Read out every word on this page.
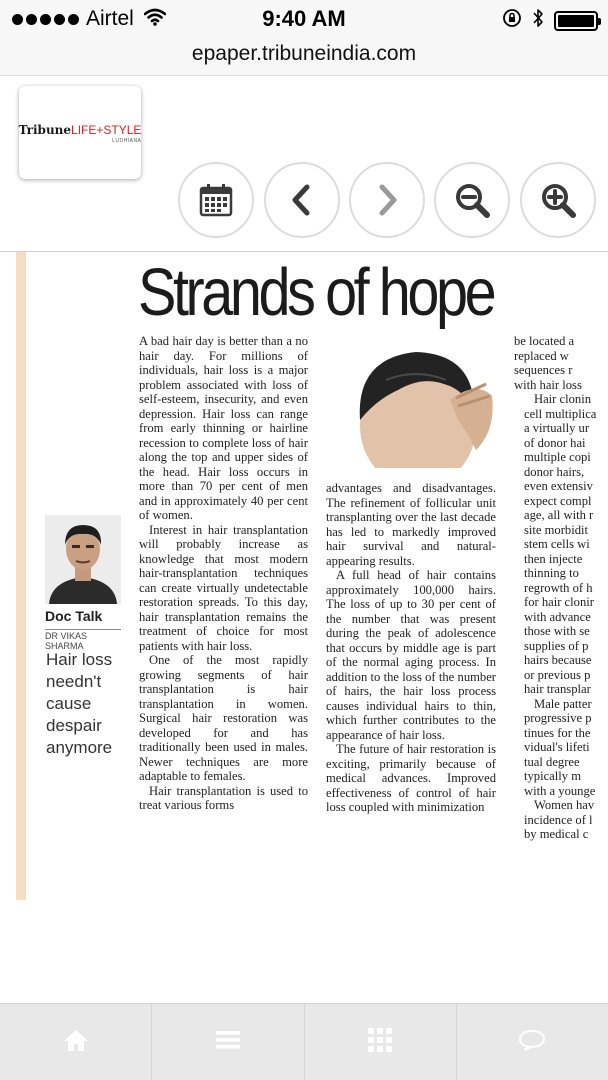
Airtel	9:40 AM
epaper.tribuneindia.com
TribuneLIFE+STYLE
LUDHIANA
Strands of hope
Doc Talk
DR VIKAS SHARMA
Hair loss
needn't
cause
despair
anymore

A bad hair day is better than a no hair day. For millions of individuals, hair loss is a major problem associated with loss of self-esteem, insecurity, and even depression. Hair loss can range from early thinning or hairline recession to complete loss of hair along the top and upper sides of the head. Hair loss occurs in more than 70 per cent of men and in approximately 40 per cent of women.

Interest in hair transplantation will probably increase as knowledge that most modern hair-transplantation techniques can create virtually undetectable restoration spreads. To this day, hair transplantation remains the treatment of choice for most patients with hair loss.

One of the most rapidly growing segments of hair transplantation is hair transplantation in women. Surgical hair restoration was developed for and has traditionally been used in males. Newer techniques are more adaptable to females.

Hair transplantation is used to treat various forms

advantages and disadvantages. The refinement of follicular unit transplanting over the last decade has led to markedly improved hair survival and natural-appearing results.

A full head of hair contains approximately 100,000 hairs. The loss of up to 30 per cent of the number that was present during the peak of adolescence that occurs by middle age is part of the normal aging process. In addition to the loss of the number of hairs, the hair loss process causes individual hairs to thin, which further contributes to the appearance of hair loss.

The future of hair restoration is exciting, primarily because of medical advances. Improved effectiveness of control of hair loss coupled with minimization

be located a
replaced w
sequences r
with hair loss

Hair clonin
cell multiplica
a virtually ur
of donor hai
multiple copi
donor hairs,
even extensiv
expect compl
age, all with r
site morbidit
stem cells wi
then injecte
thinning to
regrowth of h
for hair clonir
with advance
those with se
supplies of p
hairs because
or previous p
hair transplar

Male patter
progressive p
tinues for the
vidual's lifeti
tual degree
typically m
with a younge

Women hav
incidence of l
by medical c
